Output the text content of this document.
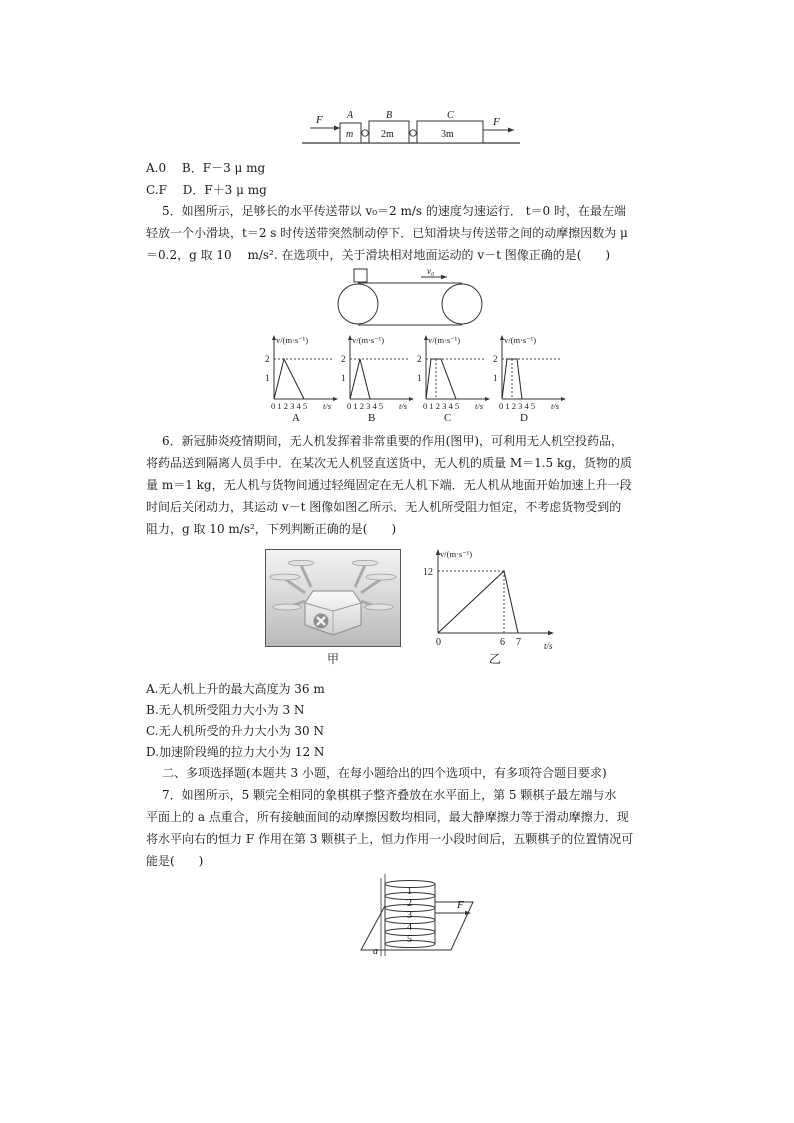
F	F
A	B	C
m	2m	3m
A.0　 B．F－3 μ mg
C.F　 D．F＋3 μ mg
5．如图所示，足够长的水平传送带以 v₀＝2 m/s 的速度匀速运行． t＝0 时，在最左端
轻放一个小滑块，t＝2 s 时传送带突然制动停下．已知滑块与传送带之间的动摩擦因数为 μ
＝0.2，g 取 10　 m/s². 在选项中，关于滑块相对地面运动的 v－t 图像正确的是(　　)
v₀
v/(m·s⁻¹)
2
1
0 1 2 3 4 5 t/s
A
v/(m·s⁻¹)
2
1
0 1 2 3 4 5 t/s
B
v/(m·s⁻¹)
2
1
0 1 2 3 4 5 t/s
C
v/(m·s⁻¹)
2
1
0 1 2 3 4 5 t/s
D
6．新冠肺炎疫情期间，无人机发挥着非常重要的作用(图甲)，可利用无人机空投药品，
将药品送到隔离人员手中．在某次无人机竖直送货中，无人机的质量 M＝1.5 kg，货物的质
量 m＝1 kg，无人机与货物间通过轻绳固定在无人机下端．无人机从地面开始加速上升一段
时间后关闭动力，其运动 v－t 图像如图乙所示．无人机所受阻力恒定，不考虑货物受到的
阻力，g 取 10 m/s²，下列判断正确的是(　　)
甲
v/(m·s⁻¹)
12
0	6 7	t/s
乙
A.无人机上升的最大高度为 36 m
B.无人机所受阻力大小为 3 N
C.无人机所受的升力大小为 30 N
D.加速阶段绳的拉力大小为 12 N
二、多项选择题(本题共 3 小题，在每小题给出的四个选项中，有多项符合题目要求)
7．如图所示，5 颗完全相同的象棋棋子整齐叠放在水平面上，第 5 颗棋子最左端与水
平面上的 a 点重合，所有接触面间的动摩擦因数均相同，最大静摩擦力等于滑动摩擦力．现
将水平向右的恒力 F 作用在第 3 颗棋子上，恒力作用一小段时间后，五颗棋子的位置情况可
能是(　　)
1
2
3
4
5
F
a
